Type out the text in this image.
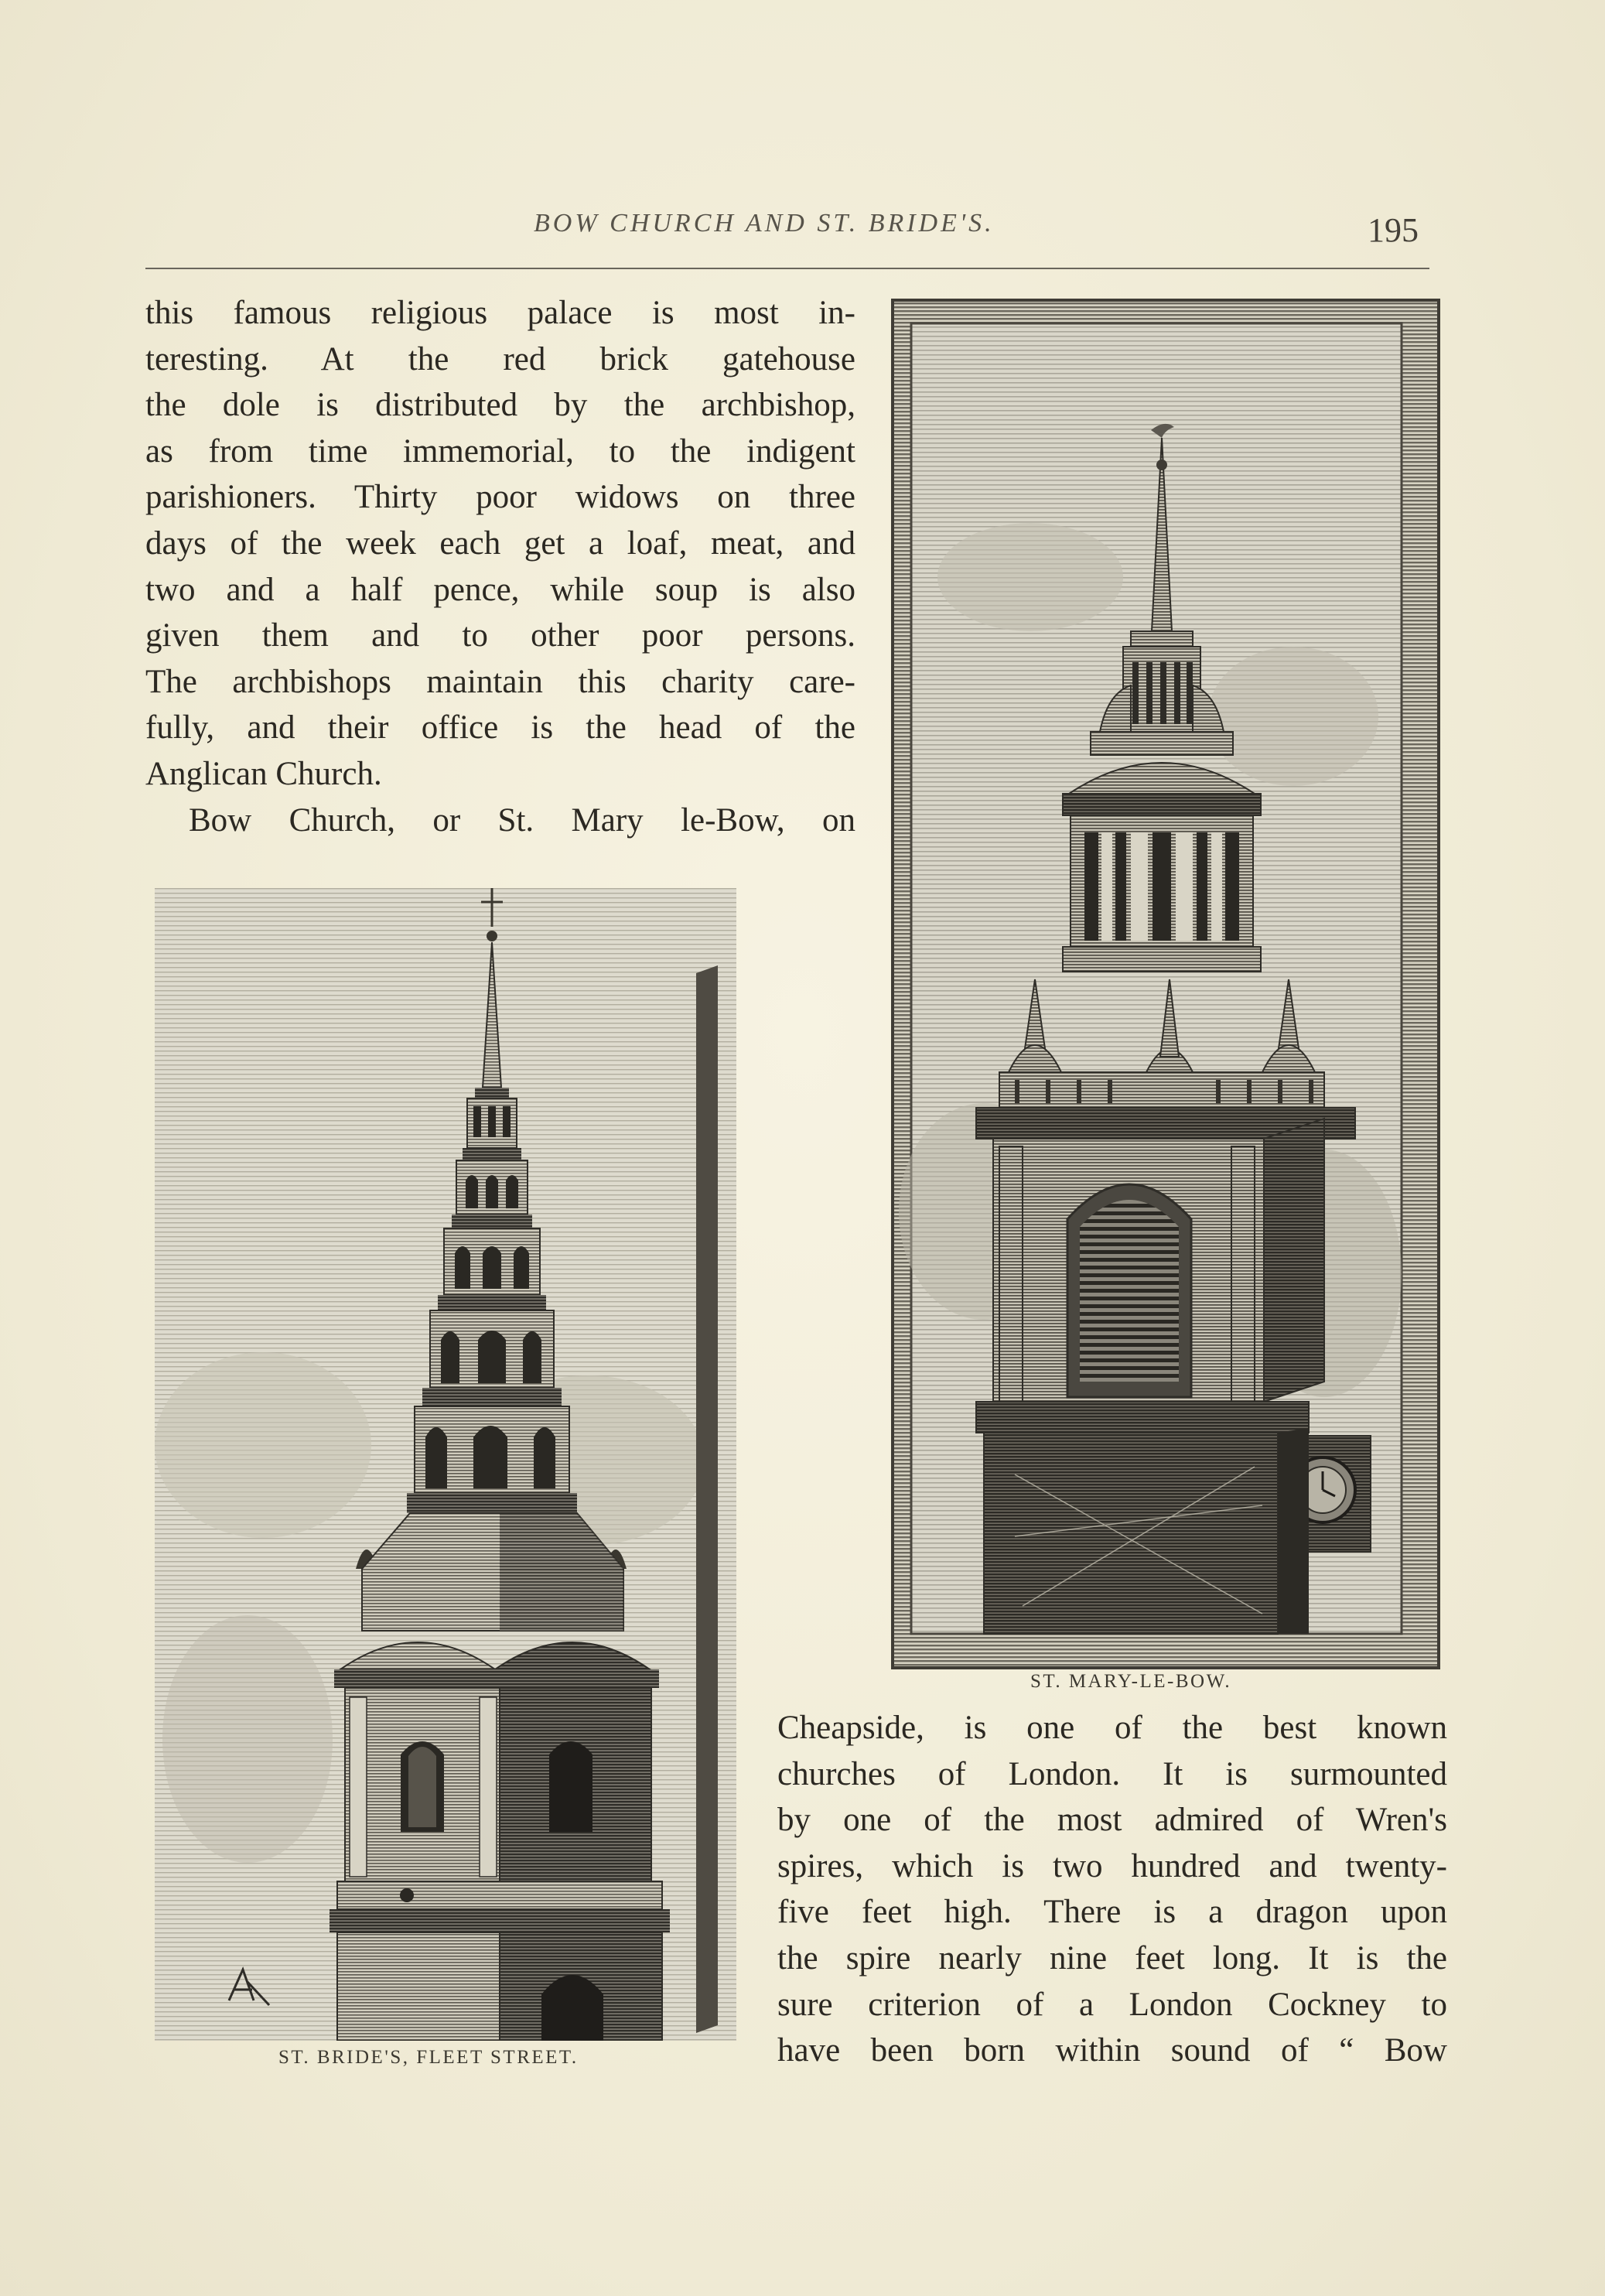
BOW CHURCH AND ST. BRIDE'S.	195
this famous religious palace is most in-
teresting. At the red brick gatehouse
the dole is distributed by the archbishop,
as from time immemorial, to the indigent
parishioners. Thirty poor widows on three
days of the week each get a loaf, meat, and
two and a half pence, while soup is also
given them and to other poor persons.
The archbishops maintain this charity care-
fully, and their office is the head of the
Anglican Church.
Bow Church, or St. Mary le-Bow, on
ST. MARY-LE-BOW.
ST. BRIDE'S, FLEET STREET.
Cheapside, is one of the best known
churches of London. It is surmounted
by one of the most admired of Wren's
spires, which is two hundred and twenty-
five feet high. There is a dragon upon
the spire nearly nine feet long. It is the
sure criterion of a London Cockney to
have been born within sound of “ Bow
